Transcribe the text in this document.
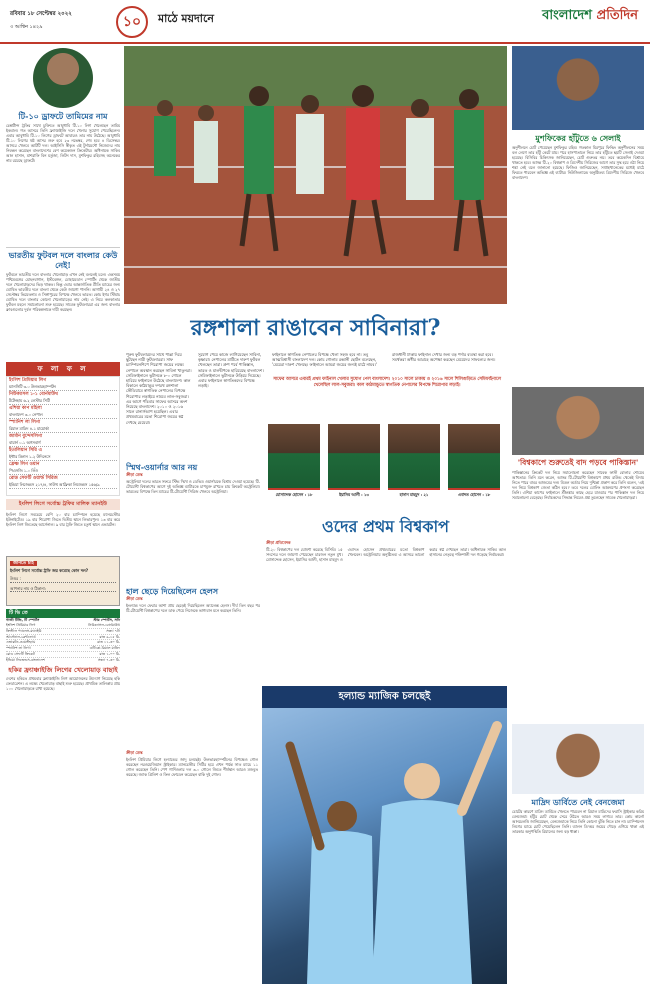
রবিবার ১৮ সেপ্টেম্বর ২০২২
৩ আশ্বিন ১৪২৯	১০	মাঠে ময়দানে	বাংলাদেশ প্রতিদিন
টি-১০ ড্রাফটে তামিমের নাম
চেম্বার্টান্স ট্রফির সাথে চুক্তিতে আবুধাবি টি-১০ লিগ খেলেছেন তামিম ইকবাল। গত আসরে তিনি ফ্র্যাঞ্চাইজি দলে খেলার সুযোগ পেয়েছিলেন। এবার আবুধাবি টি-১০ লিগের ড্রাফটে আবারও তার নাম উঠেছে। আবুধাবি টি-১০ লিগের ষষ্ঠ আসর শুরু হবে ২৩ নভেম্বর, শেষ হবে ৪ ডিসেম্বর। আসরে খেলবে আটটি দল। আইসিসি স্বীকৃত এই টুর্নামেন্টে নিজেদের নাম নিবন্ধন করেছেন বাংলাদেশের বেশ কয়েকজন ক্রিকেটার। অধিনায়ক সাকিব আল হাসান, মাশরাফি বিন মর্তুজা, লিটন দাস, মুশফিকুর রহিমসহ অনেকের নাম রয়েছে ড্রাফটে।
ভারতীয় ফুটবল দলে বাংলার কেউ নেই!
ফুটবলে ভারতীয় দলে বাংলার খেলোয়াড় এখন নেই বললেই চলে। একসময় পশ্চিমবঙ্গের মোহনবাগান, ইস্টবেঙ্গল, মোহামেডান স্পোর্টিং থেকে জাতীয় দলে খেলোয়াড়দের ভিড় থাকত। কিন্তু এবার আন্তর্জাতিক প্রীতি ম্যাচের জন্য ঘোষিত ভারতীয় দলে বাংলা থেকে কেউ জায়গা পাননি। আগামী ২৪ ও ২৭ সেপ্টেম্বর ভিয়েতনাম ও সিঙ্গাপুরের বিপক্ষে খেলবে ভারত। কোচ ইগর স্টিমাচ ঘোষিত দলে বাংলার কোনো খেলোয়াড়ের নাম নেই। এ নিয়ে কলকাতার ফুটবল মহলে সমালোচনা শুরু হয়েছে। সাবেক ফুটবলাররা এর জন্য বাংলার ক্লাবগুলোর দুর্বল পরিকল্পনাকে দায়ী করছেন।
ফ লা ফ ল
ইংলিশ প্রিমিয়ার লিগ
ম্যানসিটি ৩-০ উলভারহ্যাম্পটন
নিউক্যাসল ১-১ বোর্নমাউথ
টটেনহাম ৬-২ লেস্টার সিটি
এশিয়া কাপ মহিলা
বাংলাদেশ ৩-০ নেপাল
স্প্যানিশ লা লিগা
রিয়াল মাদ্রিদ ৪-১ মায়োর্কা
জার্মান বুন্দেসলিগা
বায়ার্ন ০-১ অগসবার্গ
ইতালিয়ান সিরি এ
ইন্টার মিলান ১-২ উদিনেসে
ফ্রেঞ্চ লিগ ওয়ান
পিএসজি ১-০ লিঁও
রোড সেফটি ওয়ার্ল্ড সিরিজ
ইন্ডিয়া লিজেন্ডস ২১৭/৪, সাউথ আফ্রিকা লিজেন্ডস ১৫৬/৯
ইংলিশ লিগে সর্বোচ্চ ট্রফির মালিক ম্যানইউ
ইংলিশ লিগে সবচেয়ে বেশি ২০ বার চ্যাম্পিয়ন হয়েছে ম্যানচেস্টার ইউনাইটেড। ১৯ বার শিরোপা জিতে দ্বিতীয় স্থানে লিভারপুল। ১৩ বার করে ইংলিশ লিগ জিতেছে আর্সেনাল। ৯ বার ট্রফি জিতে চতুর্থ স্থানে এভারটন।
জানতে চাই
ইংলিশ লিগে সর্বোচ্চ ট্রফি জয় করেছে কোন দল?
উত্তর :
আপনার নাম ও ঠিকানা:
টি ভি তে
গাজী টিভি, টি স্পোর্টস	স্টার স্পোর্টস, সনি
ইংলিশ প্রিমিয়ার লিগ	নিউক্যাসল-বোর্নমাউথ
ক্রিস্টাল প্যালেস-ম্যানইউ	সন্ধ্যা ৭টা
আর্সেনাল-ব্রেন্টফোর্ড	রাত ৯-১৫ মি.
এভারটন-ওয়েস্টহ্যাম	রাত ১১-৩০ মি.
স্প্যানিশ লা লিগা	এটিকো-রিয়াল মাদ্রিদ
রোড সেফটি ক্রিকেট	রাত ১-০০ মি.
ইন্ডিয়া লিজেন্ডস-বাংলাদেশ	সন্ধ্যা ৭-৩০ মি.
হকির ফ্র্যাঞ্চাইজি লিগের খেলোয়াড় বাছাই
দেশের হকিতে প্রথমবার ফ্র্যাঞ্চাইজি লিগ আয়োজনের উদ্যোগ নিয়েছে হকি ফেডারেশন। এ লক্ষ্যে খেলোয়াড় বাছাই শুরু হয়েছে। প্রাথমিক তালিকায় প্রায় ১০০ খেলোয়াড়কে রাখা হয়েছে।
রঙ্গশালা রাঙাবেন সাবিনারা?
পুরুষ ফুটবলারদের সাথে পাল্লা দিয়ে ছুটছেন নারী ফুটবলাররা। সাফ চ্যাম্পিয়নশিপে শিরোপা জয়ের লক্ষ্যে নেপালে অবস্থান করছেন সাবিনা খাতুনরা। সেমিফাইনালে ভুটানকে ৮-০ গোলে হারিয়ে ফাইনালে উঠেছে বাংলাদেশ। কাল বিকালে কাঠমান্ডুর দশরথ রঙ্গশালা স্টেডিয়ামে স্বাগতিক নেপালের বিপক্ষে শিরোপার লড়াইয়ে নামবে লাল-সবুজরা। এর আগে পাঁচবার সাফের আসরে অংশ নিয়েছে বাংলাদেশ। ২০১০ ও ২০১৬ সালে রানার্সআপ হয়েছিল। এবার প্রথমবারের মতো শিরোপা জয়ের স্বপ্ন দেখছে মেয়েরা।
সুযোগ পেয়ে কাজে লাগিয়েছেন সাবিনা, কৃষ্ণারা। নেপালের মাটিতে দারুণ ফুটবল খেলছেন তারা। গ্রুপ পর্বে পাকিস্তান, ভারত ও মালদ্বীপকে হারিয়েছে বাংলাদেশ। সেমিফাইনালে ভুটানকে উড়িয়ে দিয়েছে। এবার ফাইনালে স্বাগতিকদের বিপক্ষে লড়াই।
ফাইনালে স্বাগতিক নেপালের বিপক্ষে খেলা সহজ হবে না। তবু আত্মবিশ্বাসী বাংলাদেশ দল। কোচ গোলাম রব্বানী ছোটন বলেছেন, 'মেয়েরা দারুণ খেলছে। ফাইনালে আমরা জয়ের জন্যই মাঠে নামব।'
রাজধানী ঢাকায় ফাইনাল দেখার জন্য বড় পর্দার ব্যবস্থা করা হবে। সমর্থকরা অধীর আগ্রহে অপেক্ষা করছেন মেয়েদের সাফল্যের জন্য।
সাফের আসরে এবারই প্রথম ফাইনাল খেলার সুযোগ পেল বাংলাদেশ। ২০১০ সালে ঢাকায় ও ২০১৬ সালে শিলিগুড়িতে সেমিফাইনালে খেলেছিল লাল-সবুজরা। কাল কাঠমান্ডুতে স্বাগতিক নেপালের বিপক্ষে শিরোপার লড়াই।
স্মিথ-ওয়ার্নার আর নয়
ক্রীড়া ডেস্ক
অস্ট্রেলিয়া দলের ভারত সফরে স্টিভ স্মিথ ও ডেভিড ওয়ার্নারকে বিশ্রাম দেওয়া হয়েছে। টি-টোয়েন্টি বিশ্বকাপের আগে দুই অভিজ্ঞ ব্যাটারকে চাপমুক্ত রাখতে চায় ক্রিকেট অস্ট্রেলিয়া। ভারতের বিপক্ষে তিন ম্যাচের টি-টোয়েন্টি সিরিজ খেলবে অস্ট্রেলিয়া।
হাল ছেড়ে দিয়েছিলেন হেলস
ক্রীড়া ডেস্ক
ইংল্যান্ড দলে ফেরার আশা প্রায় ছেড়েই দিয়েছিলেন অ্যালেক্স হেলস। দীর্ঘ তিন বছর পর টি-টোয়েন্টি বিশ্বকাপের দলে ডাক পেয়ে নিজেকে ভাগ্যবান মনে করছেন তিনি।
মোসাদ্দেক হোসেন : ১৮	ইয়াসির আলী : ১৩	হাসান মাহমুদ : ২১	এবাদত হোসেন : ১৮
ওদের প্রথম বিশ্বকাপ
ক্রীড়া প্রতিবেদক
টি-২০ বিশ্বকাপের দল ঘোষণা করেছে বিসিবি। ১৫ সদস্যের দলে জায়গা পেয়েছেন চারজন নতুন মুখ। মোসাদ্দেক হোসেন, ইয়াসির আলী, হাসান মাহমুদ ও এবাদত হোসেন প্রথমবারের মতো বিশ্বকাপ খেলবেন। অস্ট্রেলিয়ায় অনুষ্ঠিতব্য এ আসরে ভালো করার স্বপ্ন দেখছেন তারা। অধিনায়ক সাকিব আল হাসানের নেতৃত্বে শক্তিশালী দল গড়েছে নির্বাচকরা।
ক্রীড়া ডেস্ক
ইংলিশ প্রিমিয়ার লিগে হল্যান্ডের জাদু চলছেই। উলভারহ্যাম্পটনের বিপক্ষেও গোল করেছেন নরওয়েজিয়ান স্ট্রাইকার। ম্যানচেস্টার সিটির হয়ে এখন পর্যন্ত সাত ম্যাচে ১১ গোল করেছেন তিনি। পেপ গার্দিওলার দল ৩-০ গোলে জিতে শীর্ষস্থান আরও মজবুত করেছে। জ্যাক গ্রিলিশ ও ফিল ফোডেন করেছেন বাকি দুই গোল।
হল্যান্ড ম্যাজিক চলছেই
মুশফিকের হাঁটুতে ৬ সেলাই
অনুশীলনে চোট পেয়েছেন মুশফিকুর রহিম। গতকাল মিরপুরে ফিল্ডিং অনুশীলনের সময় বল লেগে তার হাঁটু কেটে যায়। পরে হাসপাতালে নিয়ে তার হাঁটুতে ছয়টি সেলাই দেওয়া হয়েছে। বিসিবির চিকিৎসক জানিয়েছেন, চোট গুরুতর নয়। তবে কয়েকদিন বিশ্রামে থাকতে হবে। আসন্ন টি-২০ বিশ্বকাপ ও ত্রিদেশীয় সিরিজের আগে তার সুস্থ হয়ে ওঠা নিয়ে শঙ্কা নেই বলে জানানো হয়েছে। ফিজিও জানিয়েছেন, সপ্তাহখানেকের মধ্যেই মাঠে ফিরতে পারবেন অভিজ্ঞ এই ব্যাটার। নিউজিল্যান্ডে অনুষ্ঠিতব্য ত্রিদেশীয় সিরিজে খেলবে বাংলাদেশ।
'বিশ্বকাপে শুরুতেই বাদ পড়বে পাকিস্তান'
পাকিস্তানের ক্রিকেট দল নিয়ে সমালোচনা করেছেন সাবেক ফাস্ট বোলার শোয়েব আখতার। তিনি মনে করেন, আসন্ন টি-টোয়েন্টি বিশ্বকাপে প্রথম রাউন্ড থেকেই বিদায় নিতে পারে বাবর আজমের দল। মিডল অর্ডার নিয়ে দুশ্চিন্তা প্রকাশ করে তিনি বলেন, 'এই দল নিয়ে বিশ্বকাপ জেতা কঠিন হবে।' তবে দলের বোলিং আক্রমণের প্রশংসা করেছেন তিনি। এশিয়া কাপের ফাইনালে শ্রীলঙ্কার কাছে হেরে যাওয়ার পর পাকিস্তান দল নিয়ে সমালোচনা বেড়েছে। নির্বাচকদের সিদ্ধান্ত নিয়েও প্রশ্ন তুলেছেন সাবেক খেলোয়াড়রা।
মাদ্রিদ ডার্বিতে নেই বেনজেমা
চোটের কারণে মাদ্রিদ ডার্বিতে খেলতে পারবেন না রিয়াল মাদ্রিদের ফরাসি স্ট্রাইকার করিম বেনজেমা। হাঁটুর চোট থেকে সেরে উঠতে আরও সময় লাগবে তার। কোচ কার্লো আনচেলত্তি জানিয়েছেন, বেনজেমাকে নিয়ে তিনি কোনো ঝুঁকি নিতে চান না। চ্যাম্পিয়নস লিগের ম্যাচে চোট পেয়েছিলেন তিনি। ব্যালন ডি'অর জয়ের দৌড়ে এগিয়ে থাকা এই তারকার অনুপস্থিতি রিয়ালের জন্য বড় ধাক্কা।
